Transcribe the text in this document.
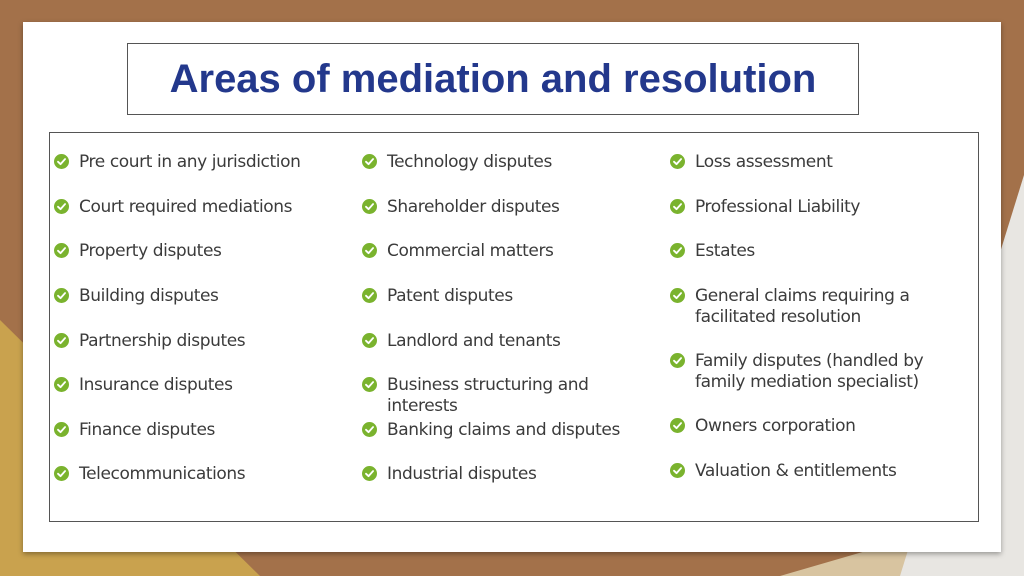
Areas of mediation and resolution
Pre court in any jurisdiction
Court required mediations
Property disputes
Building disputes
Partnership disputes
Insurance disputes
Finance disputes
Telecommunications
Technology disputes
Shareholder disputes
Commercial matters
Patent disputes
Landlord and tenants
Business structuring and interests
Banking claims and disputes
Industrial disputes
Loss assessment
Professional Liability
Estates
General claims requiring a facilitated resolution
Family disputes (handled by family mediation specialist)
Owners corporation
Valuation & entitlements
